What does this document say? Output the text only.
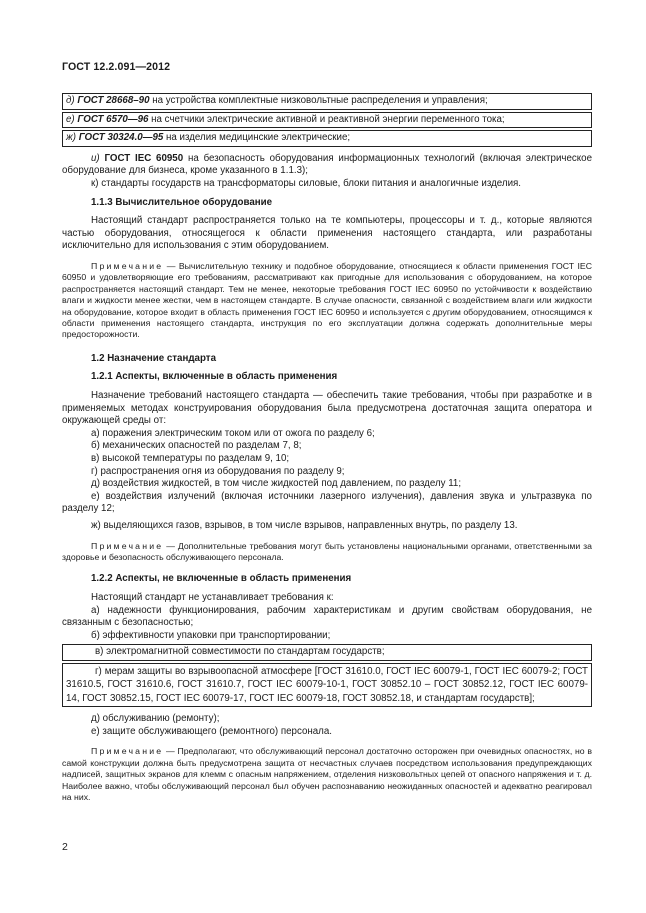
ГОСТ 12.2.091—2012
д) ГОСТ 28668–90 на устройства комплектные низковольтные распределения и управления;
е) ГОСТ 6570—96 на счетчики электрические активной и реактивной энергии переменного тока;
ж) ГОСТ 30324.0—95 на изделия медицинские электрические;

и) ГОСТ IEC 60950 на безопасность оборудования информационных технологий (включая электрическое оборудование для бизнеса, кроме указанного в 1.1.3);

к) стандарты государств на трансформаторы силовые, блоки питания и аналогичные изделия.

1.1.3 Вычислительное оборудование

Настоящий стандарт распространяется только на те компьютеры, процессоры и т. д., которые являются частью оборудования, относящегося к области применения настоящего стандарта, или разработаны исключительно для использования с этим оборудованием.

Примечание — Вычислительную технику и подобное оборудование, относящиеся к области применения ГОСТ IEC 60950 и удовлетворяющие его требованиям, рассматривают как пригодные для использования с оборудованием, на которое распространяется настоящий стандарт. Тем не менее, некоторые требования ГОСТ IEC 60950 по устойчивости к воздействию влаги и жидкости менее жестки, чем в настоящем стандарте. В случае опасности, связанной с воздействием влаги или жидкости на оборудование, которое входит в область применения ГОСТ IEC 60950 и используется с другим оборудованием, относящимся к области применения настоящего стандарта, инструкция по его эксплуатации должна содержать дополнительные меры предосторожности.

1.2 Назначение стандарта

1.2.1 Аспекты, включенные в область применения

Назначение требований настоящего стандарта — обеспечить такие требования, чтобы при разработке и в применяемых методах конструирования оборудования была предусмотрена достаточная защита оператора и окружающей среды от:

а) поражения электрическим током или от ожога по разделу 6;

б) механических опасностей по разделам 7, 8;

в) высокой температуры по разделам 9, 10;

г) распространения огня из оборудования по разделу 9;

д) воздействия жидкостей, в том числе жидкостей под давлением, по разделу 11;

е) воздействия излучений (включая источники лазерного излучения), давления звука и ультразвука по разделу 12;

ж) выделяющихся газов, взрывов, в том числе взрывов, направленных внутрь, по разделу 13.

Примечание — Дополнительные требования могут быть установлены национальными органами, ответственными за здоровье и безопасность обслуживающего персонала.

1.2.2 Аспекты, не включенные в область применения

Настоящий стандарт не устанавливает требования к:

а) надежности функционирования, рабочим характеристикам и другим свойствам оборудования, не связанным с безопасностью;

б) эффективности упаковки при транспортировании;

в) электромагнитной совместимости по стандартам государств;
г) мерам защиты во взрывоопасной атмосфере [ГОСТ 31610.0, ГОСТ IEC 60079-1, ГОСТ IEC 60079-2; ГОСТ 31610.5, ГОСТ 31610.6, ГОСТ 31610.7, ГОСТ IEC 60079-10-1, ГОСТ 30852.10 – ГОСТ 30852.12, ГОСТ IEC 60079-14, ГОСТ 30852.15, ГОСТ IEC 60079-17, ГОСТ IEC 60079-18, ГОСТ 30852.18, и стандартам государств];

д) обслуживанию (ремонту);

е) защите обслуживающего (ремонтного) персонала.

Примечание — Предполагают, что обслуживающий персонал достаточно осторожен при очевидных опасностях, но в самой конструкции должна быть предусмотрена защита от несчастных случаев посредством использования предупреждающих надписей, защитных экранов для клемм с опасным напряжением, отделения низковольтных цепей от опасного напряжения и т. д. Наиболее важно, чтобы обслуживающий персонал был обучен распознаванию неожиданных опасностей и адекватно реагировал на них.

2
